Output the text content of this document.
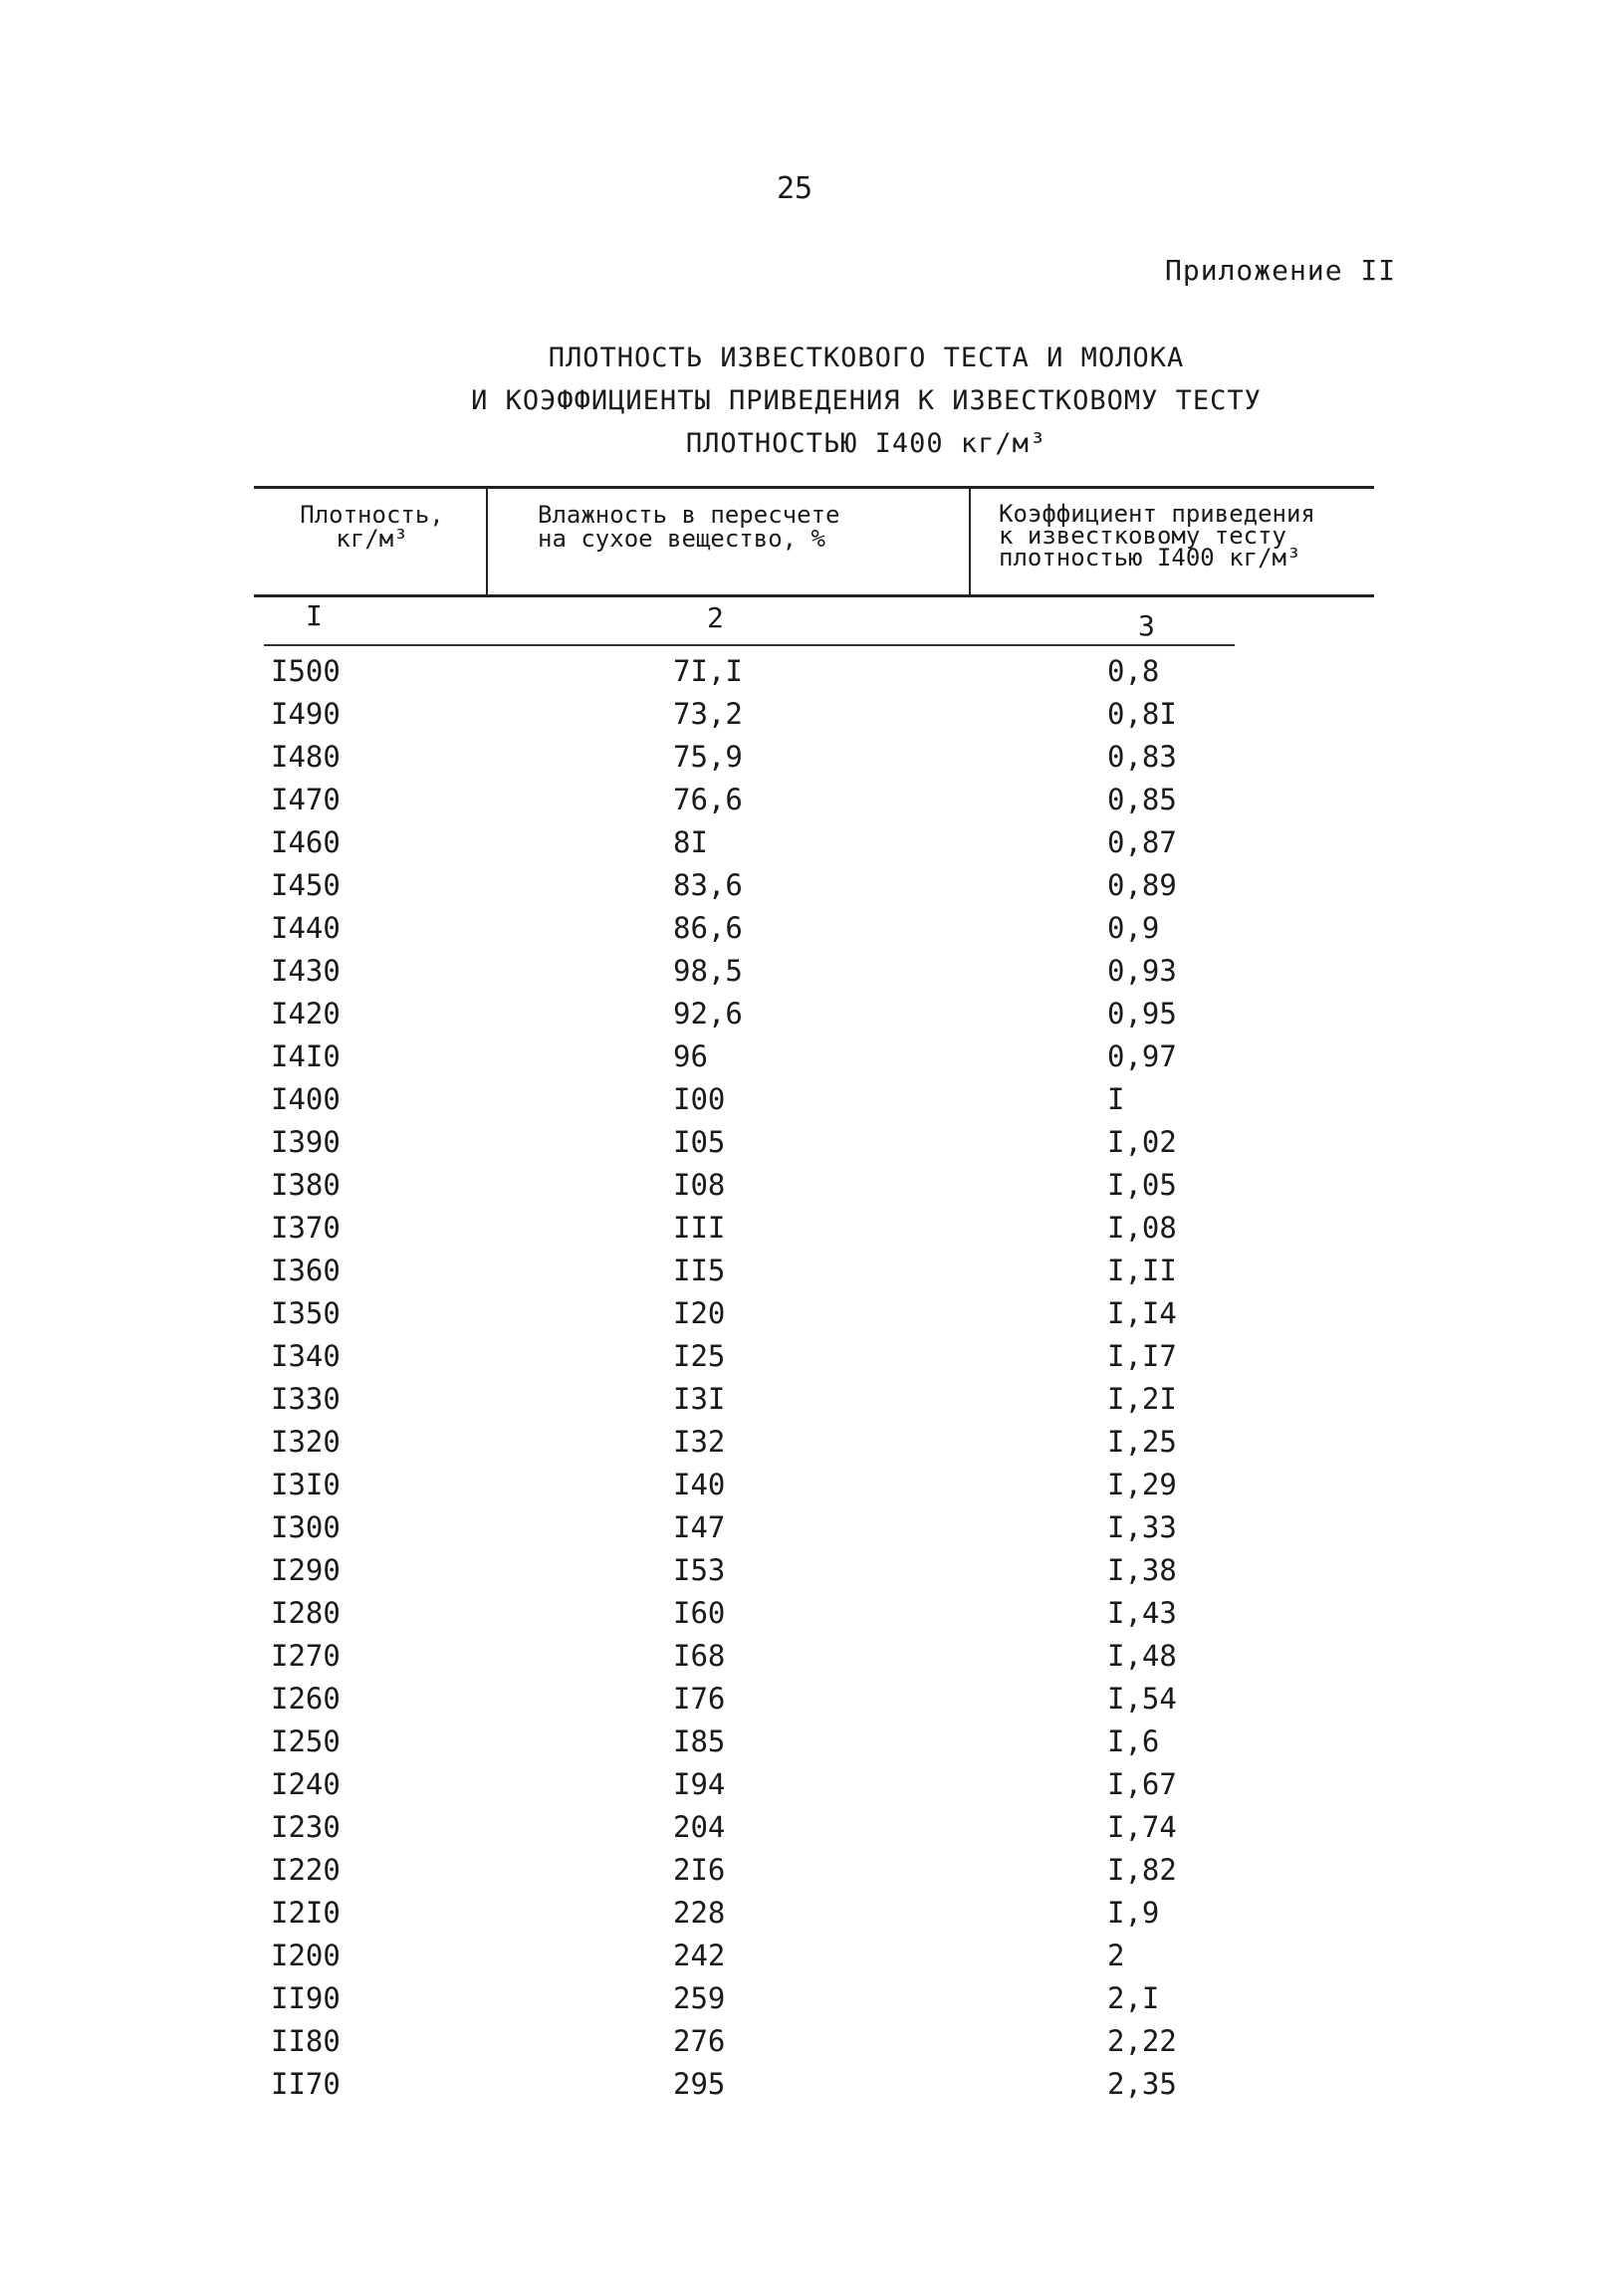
25
Приложение II
ПЛОТНОСТЬ ИЗВЕСТКОВОГО ТЕСТА И МОЛОКА
И КОЭФФИЦИЕНТЫ ПРИВЕДЕНИЯ К ИЗВЕСТКОВОМУ ТЕСТУ
ПЛОТНОСТЬЮ I400 кг/м³
Плотность,
кг/м³
Влажность в пересчете
на сухое вещество, %
Коэффициент приведения
к известковому тесту
плотностью I400 кг/м³
I	2	3
I500	7I,I	0,8
I490	73,2	0,8I
I480	75,9	0,83
I470	76,6	0,85
I460	8I	0,87
I450	83,6	0,89
I440	86,6	0,9
I430	98,5	0,93
I420	92,6	0,95
I4I0	96	0,97
I400	I00	I
I390	I05	I,02
I380	I08	I,05
I370	III	I,08
I360	II5	I,II
I350	I20	I,I4
I340	I25	I,I7
I330	I3I	I,2I
I320	I32	I,25
I3I0	I40	I,29
I300	I47	I,33
I290	I53	I,38
I280	I60	I,43
I270	I68	I,48
I260	I76	I,54
I250	I85	I,6
I240	I94	I,67
I230	204	I,74
I220	2I6	I,82
I2I0	228	I,9
I200	242	2
II90	259	2,I
II80	276	2,22
II70	295	2,35
